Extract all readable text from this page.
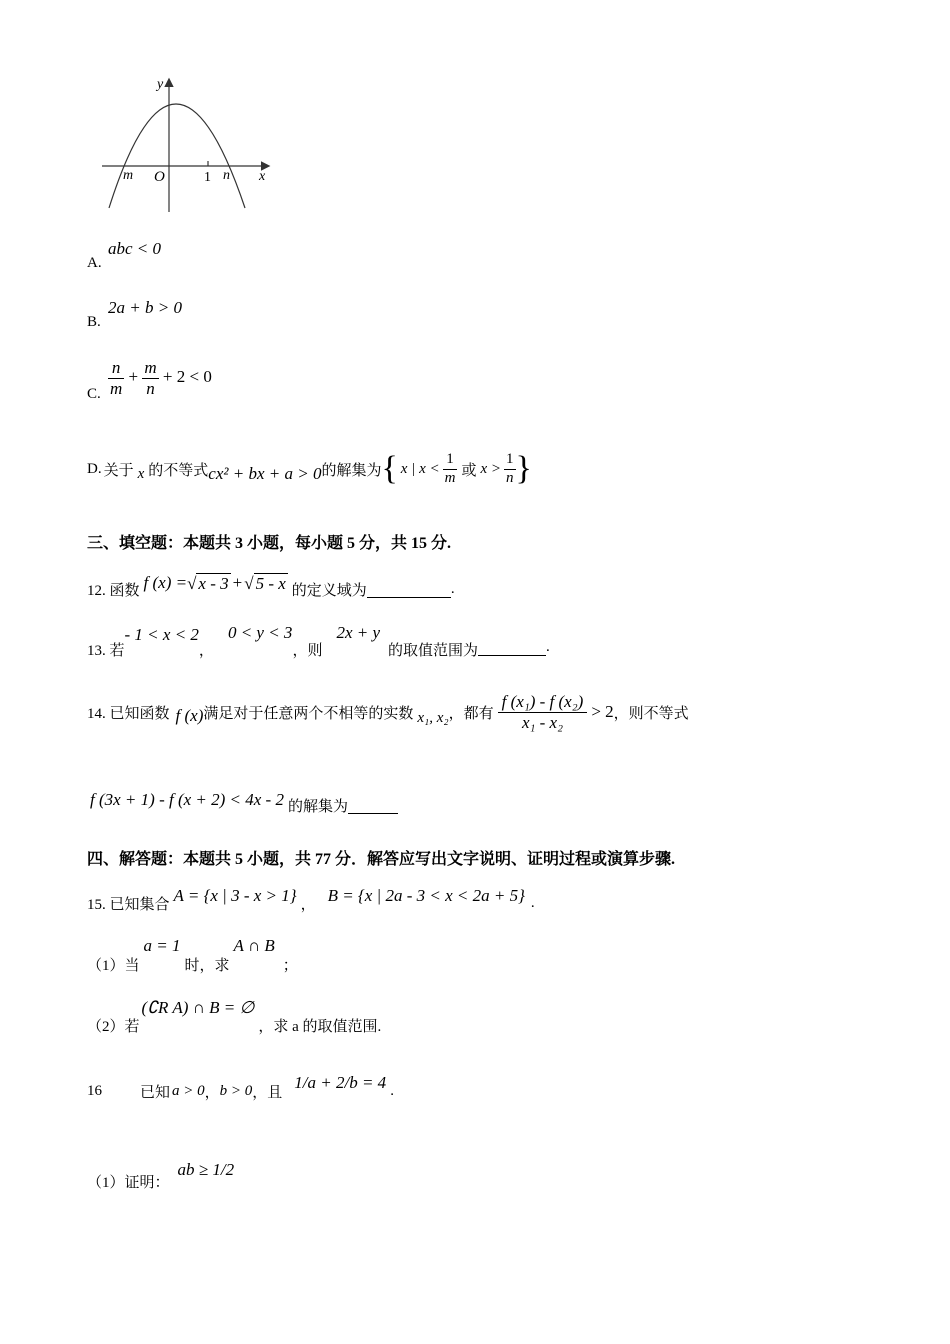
y
x
m O	1 n
A.
abc < 0
B.
2a + b > 0
C. $\frac{n}{m} + \frac{m}{n} + 2 < 0$
D. 关于 x 的不等式 cx² + bx + a > 0 的解集为 { x | $x < \frac{1}{m}$ 或 $x > \frac{1}{n}$ }
三、填空题：本题共 3 小题，每小题 5 分，共 15 分.
12. 函数 f (x) = √ x - 3 + √ 5 - x 的定义域为	.
13. 若
- 1 < x < 2
，
0 < y < 3
，则
2x + y
的取值范围为	.
14. 已知函数 f (x) 满足对于任意两个不相等的实数 x₁, x₂ ，都有 $\frac{\text{f (x₁) - f (x₂)}}{\text{x₁ - x₂}} > 2$ ，则不等式
f (3x + 1) - f (x + 2) < 4x - 2 的解集为
四、解答题：本题共 5 小题，共 77 分．解答应写出文字说明、证明过程或演算步骤.
15. 已知集合 A = {x | 3 - x > 1} ， B = {x | 2a - 3 < x < 2a + 5} .
（1）当
a = 1
时，求
A ∩ B
；
（2）若
(∁R A) ∩ B = ∅
，求 a 的取值范围.
16	已知 a > 0 ， b > 0 ，且
1/a + 2/b = 4 .
（1）证明：
ab ≥ 1/2
